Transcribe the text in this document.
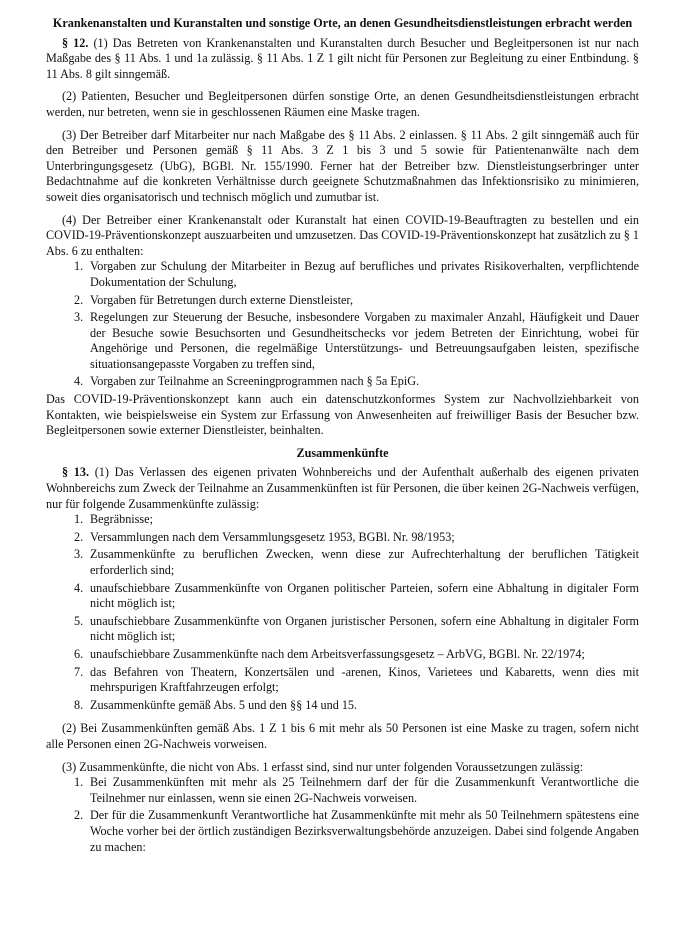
Krankenanstalten und Kuranstalten und sonstige Orte, an denen Gesundheitsdienstleistungen erbracht werden

§ 12. (1) Das Betreten von Krankenanstalten und Kuranstalten durch Besucher und Begleitpersonen ist nur nach Maßgabe des § 11 Abs. 1 und 1a zulässig. § 11 Abs. 1 Z 1 gilt nicht für Personen zur Begleitung zu einer Entbindung. § 11 Abs. 8 gilt sinngemäß.

(2) Patienten, Besucher und Begleitpersonen dürfen sonstige Orte, an denen Gesundheitsdienstleistungen erbracht werden, nur betreten, wenn sie in geschlossenen Räumen eine Maske tragen.

(3) Der Betreiber darf Mitarbeiter nur nach Maßgabe des § 11 Abs. 2 einlassen. § 11 Abs. 2 gilt sinngemäß auch für den Betreiber und Personen gemäß § 11 Abs. 3 Z 1 bis 3 und 5 sowie für Patientenanwälte nach dem Unterbringungsgesetz (UbG), BGBl. Nr. 155/1990. Ferner hat der Betreiber bzw. Dienstleistungserbringer unter Bedachtnahme auf die konkreten Verhältnisse durch geeignete Schutzmaßnahmen das Infektionsrisiko zu minimieren, soweit dies organisatorisch und technisch möglich und zumutbar ist.

(4) Der Betreiber einer Krankenanstalt oder Kuranstalt hat einen COVID-19-Beauftragten zu bestellen und ein COVID-19-Präventionskonzept auszuarbeiten und umzusetzen. Das COVID-19-Präventionskonzept hat zusätzlich zu § 1 Abs. 6 zu enthalten:

1. Vorgaben zur Schulung der Mitarbeiter in Bezug auf berufliches und privates Risikoverhalten, verpflichtende Dokumentation der Schulung,
2. Vorgaben für Betretungen durch externe Dienstleister,
3. Regelungen zur Steuerung der Besuche, insbesondere Vorgaben zu maximaler Anzahl, Häufigkeit und Dauer der Besuche sowie Besuchsorten und Gesundheitschecks vor jedem Betreten der Einrichtung, wobei für Angehörige und Personen, die regelmäßige Unterstützungs- und Betreuungsaufgaben leisten, spezifische situationsangepasste Vorgaben zu treffen sind,
4. Vorgaben zur Teilnahme an Screeningprogrammen nach § 5a EpiG.

Das COVID-19-Präventionskonzept kann auch ein datenschutzkonformes System zur Nachvollziehbarkeit von Kontakten, wie beispielsweise ein System zur Erfassung von Anwesenheiten auf freiwilliger Basis der Besucher bzw. Begleitpersonen sowie externer Dienstleister, beinhalten.

Zusammenkünfte

§ 13. (1) Das Verlassen des eigenen privaten Wohnbereichs und der Aufenthalt außerhalb des eigenen privaten Wohnbereichs zum Zweck der Teilnahme an Zusammenkünften ist für Personen, die über keinen 2G-Nachweis verfügen, nur für folgende Zusammenkünfte zulässig:

1. Begräbnisse;
2. Versammlungen nach dem Versammlungsgesetz 1953, BGBl. Nr. 98/1953;
3. Zusammenkünfte zu beruflichen Zwecken, wenn diese zur Aufrechterhaltung der beruflichen Tätigkeit erforderlich sind;
4. unaufschiebbare Zusammenkünfte von Organen politischer Parteien, sofern eine Abhaltung in digitaler Form nicht möglich ist;
5. unaufschiebbare Zusammenkünfte von Organen juristischer Personen, sofern eine Abhaltung in digitaler Form nicht möglich ist;
6. unaufschiebbare Zusammenkünfte nach dem Arbeitsverfassungsgesetz – ArbVG, BGBl. Nr. 22/1974;
7. das Befahren von Theatern, Konzertsälen und -arenen, Kinos, Varietees und Kabaretts, wenn dies mit mehrspurigen Kraftfahrzeugen erfolgt;
8. Zusammenkünfte gemäß Abs. 5 und den §§ 14 und 15.

(2) Bei Zusammenkünften gemäß Abs. 1 Z 1 bis 6 mit mehr als 50 Personen ist eine Maske zu tragen, sofern nicht alle Personen einen 2G-Nachweis vorweisen.

(3) Zusammenkünfte, die nicht von Abs. 1 erfasst sind, sind nur unter folgenden Voraussetzungen zulässig:

1. Bei Zusammenkünften mit mehr als 25 Teilnehmern darf der für die Zusammenkunft Verantwortliche die Teilnehmer nur einlassen, wenn sie einen 2G-Nachweis vorweisen.
2. Der für die Zusammenkunft Verantwortliche hat Zusammenkünfte mit mehr als 50 Teilnehmern spätestens eine Woche vorher bei der örtlich zuständigen Bezirksverwaltungsbehörde anzuzeigen. Dabei sind folgende Angaben zu machen:
